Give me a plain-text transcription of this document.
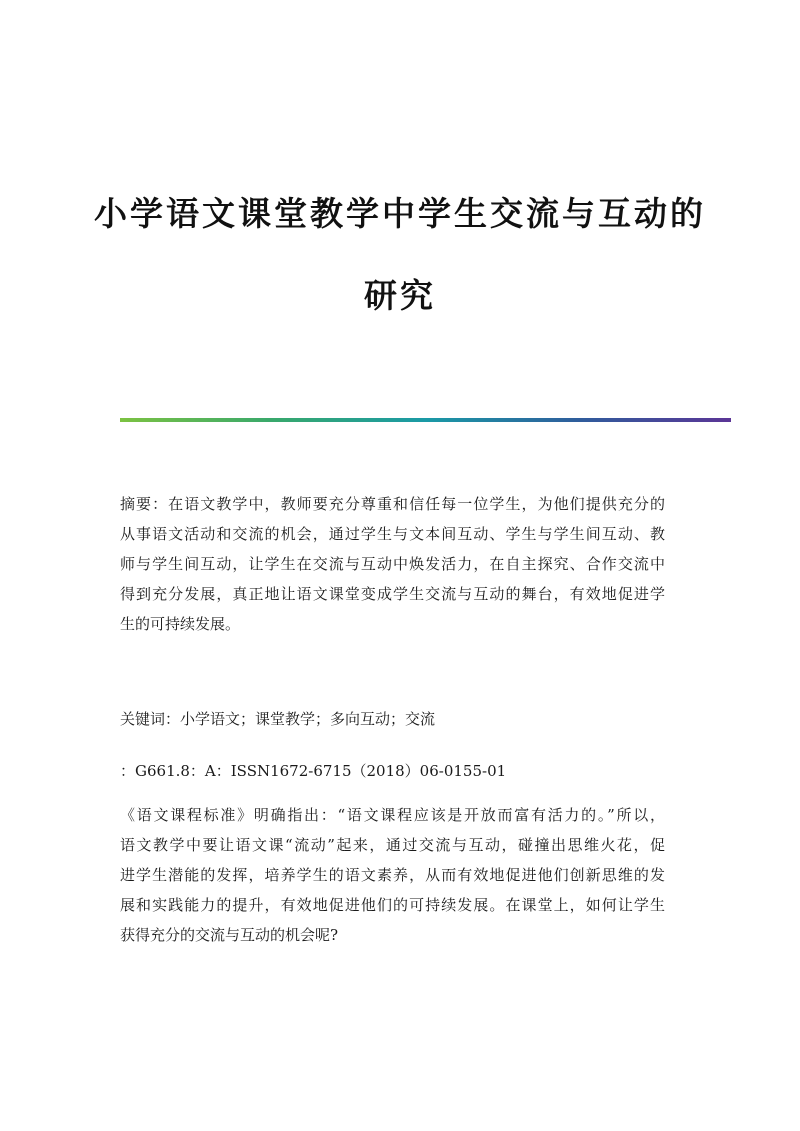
小学语文课堂教学中学生交流与互动的
研究
摘要：在语文教学中，教师要充分尊重和信任每一位学生，为他们提供充分的
从事语文活动和交流的机会，通过学生与文本间互动、学生与学生间互动、教
师与学生间互动，让学生在交流与互动中焕发活力，在自主探究、合作交流中
得到充分发展，真正地让语文课堂变成学生交流与互动的舞台，有效地促进学
生的可持续发展。
关键词：小学语文；课堂教学；多向互动；交流
：G661.8：A：ISSN1672-6715（2018）06-0155-01
《语文课程标准》明确指出：“语文课程应该是开放而富有活力的。”所以，
语文教学中要让语文课“流动”起来，通过交流与互动，碰撞出思维火花，促
进学生潜能的发挥，培养学生的语文素养，从而有效地促进他们创新思维的发
展和实践能力的提升，有效地促进他们的可持续发展。在课堂上，如何让学生
获得充分的交流与互动的机会呢?
